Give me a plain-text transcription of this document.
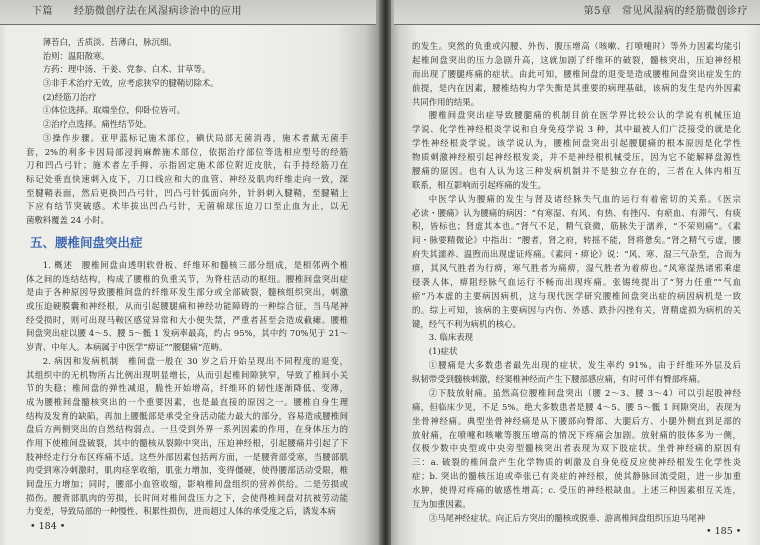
下篇　　经筋微创疗法在风湿病诊治中的应用	第5章　常见风湿病的经筋微创诊疗
薄苔白，舌质淡、苔薄白，脉沉细。
治则：温阳散寒。
方药：理中汤、干姜、党参、白术、甘草等。
③非手术治疗无效，应考虑狭窄的腱鞘切除术。
(2)经筋刀治疗
①体位选择。取端坐位，仰卧位皆可。
②治疗点选择。痛性结节处。
③操作步骤。亚甲蓝标记施术部位，碘伏局部无菌消毒，施术者戴无菌手
套，2%的利多卡因局部浸润麻醉施术部位，依据治疗部位等选相应型号的经筋
刀和凹凸弓针；施术者左手拇、示指固定施术部位附近皮肤，右手持经筋刀在
标记处垂直快速刺入皮下，刀口线应和大的血管、神经及肌肉纤维走向一致，深
至腱鞘表面，然后更换凹凸弓针，凹凸弓针弧面向外，针斜刺入腱鞘，至腱鞘上
下应有结节突破感。术毕拔出凹凸弓针，无菌棉球压迫刀口至止血为止，以无
菌敷料覆盖 24 小时。
五、腰椎间盘突出症
1. 概述　腰椎间盘由透明软骨板、纤维环和髓核三部分组成，是相邻两个椎
体之间的连结结构，构成了腰椎的负重关节，为脊柱活动的枢纽。腰椎间盘突出症
是由于各种原因导致腰椎间盘的纤维环发生部分或全部破裂，髓核组织突出，刺激
或压迫硬膜囊和神经根，从而引起腰腿痛和神经功能障碍的一种综合征，当马尾神
经受损时，则可出现马鞍区感觉异常和大小便失禁，严重者甚至会造成截瘫。腰椎
间盘突出症以腰 4～5、腰 5～骶 1 发病率最高，约占 95%，其中约 70%见于 21～
岁青、中年人。本病属于中医学“痹证”“腰腿痛”范畴。
2. 病因和发病机制　椎间盘一般在 30 岁之后开始呈现出不同程度的退变，
其组织中的无机物所占比例出现明显增长，从而引起椎间隙狭窄，导致了椎间小关
节的失稳；椎间盘的弹性减退，脆性开始增高，纤维环的韧性逐渐降低、变薄，
成为腰椎间盘髓核突出的一个重要因素，也是最直接的原因之一。腰椎自身生理
结构及发育的缺陷，再加上腰骶部是承受全身活动能力最大的部分，容易造成腰椎间
盘后方两侧突出的自然结构弱点。一旦受到外界一系列因素的作用，在身体压力的
作用下使椎间盘破裂，其中的髓核从裂隙中突出，压迫神经根，引起腰痛并引起了下
肢神经走行分布区疼痛不适。这些外部因素包括两方面，一是腰背部受寒，当腰部肌
肉受到寒冷刺激时，肌肉痉挛收缩，肌张力增加，变得僵硬，使得腰部活动受限，椎
间盘压力增加；同时，腰部小血管收缩，影响椎间盘组织的营养供给。二是劳损或
损伤。腰背部肌肉的劳损，长时间对椎间盘压力之下，会使得椎间盘对抗被劳动能
力变差，导致局部的一种慢性、积累性损伤，进而超过人体的承受度之后，诱发本病
的发生。突然的负重或闪腰、外伤、腹压增高（咳嗽、打喷嚏时）等外力因素均能引
起椎间盘突出的压力急剧升高，这就加剧了纤维环的破裂，髓核突出，压迫神经根
而出现了腰腿疼痛的症状。由此可知，腰椎间盘的退变是造成腰椎间盘突出症发生的
前提，是内在因素，腰椎结构力学失衡是其重要的病理基础，该病的发生是内外因素
共同作用的结果。
腰椎间盘突出症导致腰腿痛的机制目前在医学界比较公认的学说有机械压迫
学说、化学性神经根炎学说和自身免疫学说 3 种，其中最被人们广泛接受的就是化
学性神经根炎学说。该学说认为，腰椎间盘突出引起腰腿痛的根本原因是化学性
物质刺激神经根引起神经根发炎，并不是神经根机械受压，因为它不能解释盘源性
腰痛的原因。也有人认为这三种发病机制并不是独立存在的，三者在人体内相互
联系，相互影响而引起疼痛的发生。
中医学认为腰痛的发生与肾及诸经脉失气血的运行有着密切的关系。《医宗
必读・腰痛》认为腰痛的病因：“有寒湿、有风、有热、有挫闪、有瘀血、有滞气、有痰
积，皆标也；肾虚其本也。”肾气不足，精气衰微，筋脉失于濡养，“不荣则痛”。《素
问・脉要精微论》中指出：“腰者，肾之府，转摇不能，肾将惫矣。”肾之精气亏虚，腰
府失其濡养、温煦而出现虚证疼痛。《素问・痹论》说：“风、寒、湿三气杂至，合而为
痹，其风气胜者为行痹，寒气胜者为痛痹，湿气胜者为着痹也。”风寒湿热诸邪乘虚
侵袭人体，痹阻经脉气血运行不畅而出现疼痛。张锡纯提出了“努力任重”“气血
瘀”乃本虚的主要病因病机，这与现代医学研究腰椎间盘突出症的病因病机是一致
的。综上可知，该病的主要病因与内伤、外感、跌扑闪挫有关，肾精虚损为病机的关
键，经气不利为病机的核心。
3. 临床表现
(1)症状
①腰痛是大多数患者最先出现的症状，发生率约 91%。由于纤维环外层及后
纵韧带受到髓核刺激，经窦椎神经而产生下腰部感应痛，有时可伴有臀部疼痛。
②下肢放射痛。虽然高位腰椎间盘突出（腰 2～3、腰 3～4）可以引起股神经
痛，但临床少见，不足 5%。绝大多数患者是腰 4～5、腰 5～骶 1 间隙突出，表现为
坐骨神经痛。典型坐骨神经痛是从下腰部向臀部、大腿后方、小腿外侧直到足部的
放射痛，在喷嚏和咳嗽等腹压增高的情况下疼痛会加剧。放射痛的肢体多为一侧，
仅极少数中央型或中央旁型髓核突出者表现为双下肢症状。坐骨神经痛的原因有
三：a. 破裂的椎间盘产生化学物质的刺激及自身免疫反应使神经根发生化学性炎
症；b. 突出的髓核压迫或牵张已有炎症的神经根，使其静脉回流受阻，进一步加重
水肿，使得对疼痛的敏感性增高；c. 受压的神经根缺血。上述三种因素相互关连，
互为加重因素。
③马尾神经症状。向正后方突出的髓核或脱垂、游离椎间盘组织压迫马尾神
• 184 •	• 185 •
